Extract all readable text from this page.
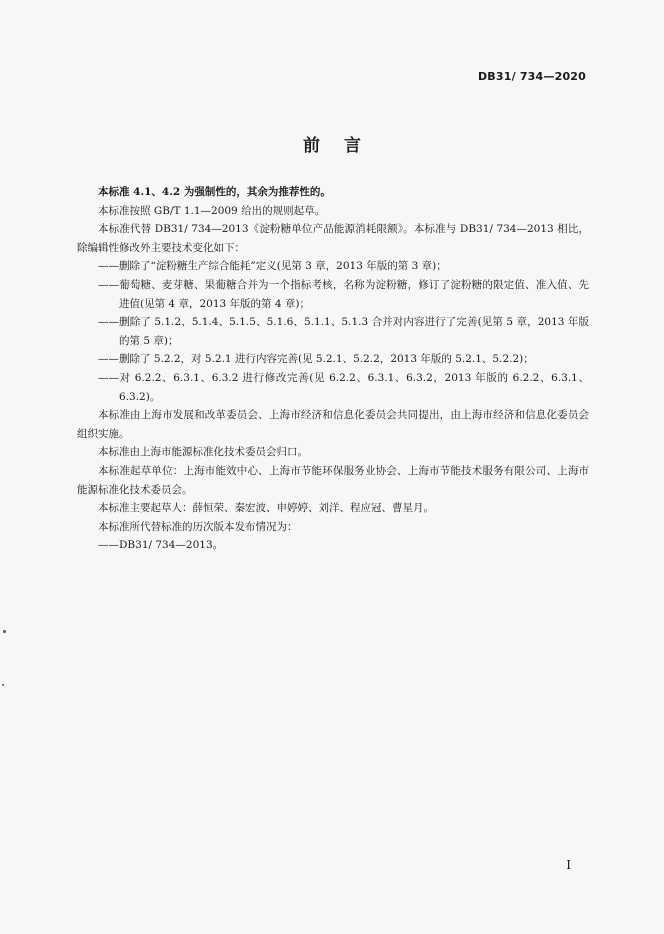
DB31/ 734—2020
前言

本标准 4.1、4.2 为强制性的，其余为推荐性的。

本标准按照 GB/T 1.1—2009 给出的规则起草。

本标准代替 DB31/ 734—2013《淀粉糖单位产品能源消耗限额》。本标准与 DB31/ 734—2013 相比，除编辑性修改外主要技术变化如下：

——删除了“淀粉糖生产综合能耗”定义(见第 3 章，2013 年版的第 3 章)；

——葡萄糖、麦芽糖、果葡糖合并为一个指标考核，名称为淀粉糖，修订了淀粉糖的限定值、准入值、先进值(见第 4 章，2013 年版的第 4 章)；

——删除了 5.1.2、5.1.4、5.1.5、5.1.6、5.1.1、5.1.3 合并对内容进行了完善(见第 5 章，2013 年版的第 5 章)；

——删除了 5.2.2，对 5.2.1 进行内容完善(见 5.2.1、5.2.2，2013 年版的 5.2.1、5.2.2)；

——对 6.2.2、6.3.1、6.3.2 进行修改完善(见 6.2.2、6.3.1、6.3.2，2013 年版的 6.2.2、6.3.1、6.3.2)。

本标准由上海市发展和改革委员会、上海市经济和信息化委员会共同提出，由上海市经济和信息化委员会组织实施。

本标准由上海市能源标准化技术委员会归口。

本标准起草单位：上海市能效中心、上海市节能环保服务业协会、上海市节能技术服务有限公司、上海市能源标准化技术委员会。

本标准主要起草人：薛恒荣、秦宏波、申婷婷、刘洋、程应冠、曹星月。

本标准所代替标准的历次版本发布情况为：

——DB31/ 734—2013。

I
